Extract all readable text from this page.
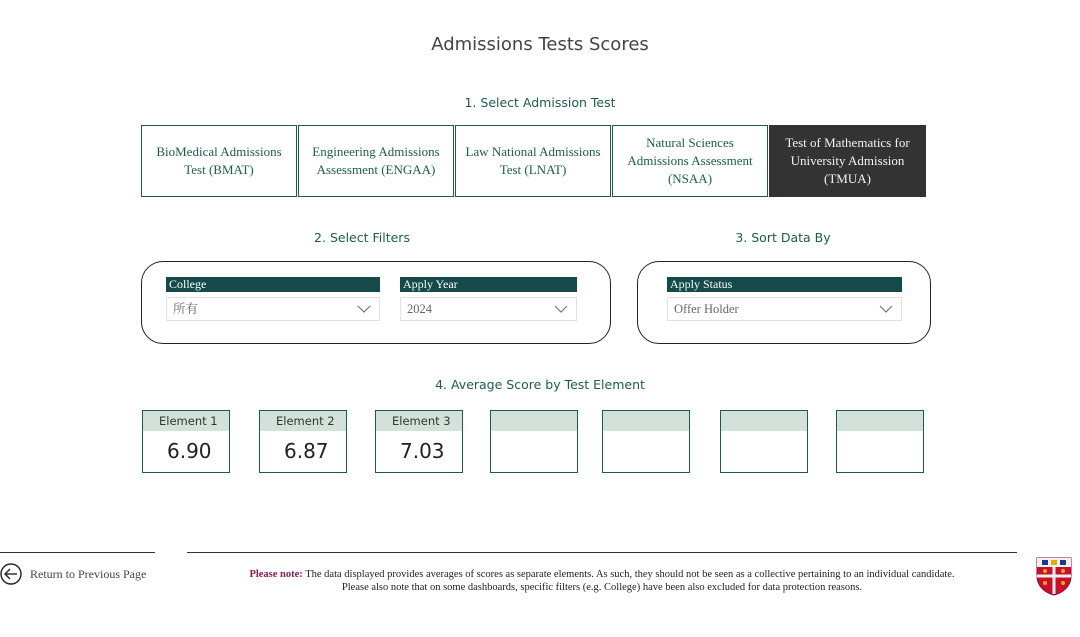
Admissions Tests Scores
1. Select Admission Test
BioMedical Admissions Test (BMAT)
Engineering Admissions Assessment (ENGAA)
Law National Admissions Test (LNAT)
Natural Sciences Admissions Assessment (NSAA)
Test of Mathematics for University Admission (TMUA)
2. Select Filters	3. Sort Data By
College
所有
Apply Year
2024
Apply Status
Offer Holder
4. Average Score by Test Element
Element 1
6.90
Element 2
6.87
Element 3
7.03
Return to Previous Page	Please note: The data displayed provides averages of scores as separate elements. As such, they should not be seen as a collective pertaining to an individual candidate.
Please also note that on some dashboards, specific filters (e.g. College) have been also excluded for data protection reasons.
